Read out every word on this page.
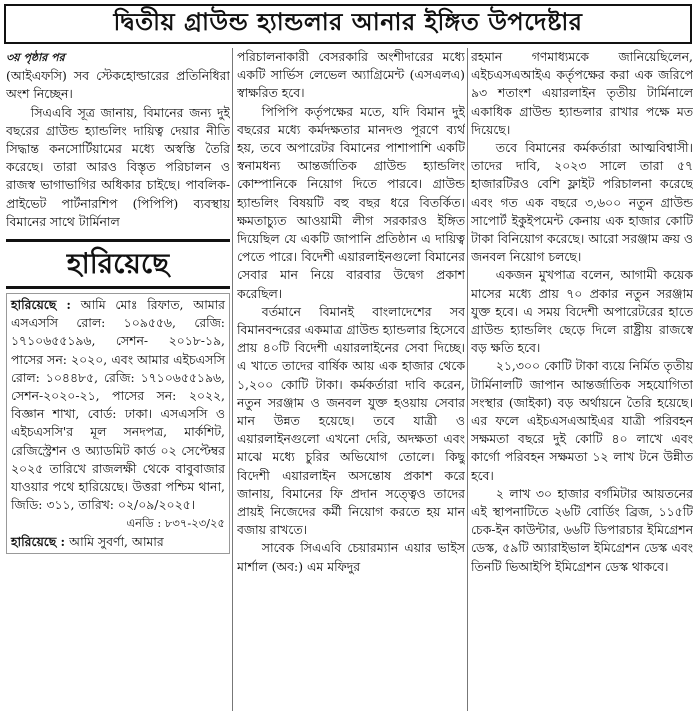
দ্বিতীয় গ্রাউন্ড হ্যান্ডলার আনার ইঙ্গিত উপদেষ্টার

৩য় পৃষ্ঠার পর

(আইএফসি) সব স্টেকহোল্ডারের প্রতিনিধিরা অংশ নিচ্ছেন।

সিএএবি সূত্র জানায়, বিমানের জন্য দুই বছরের গ্রাউন্ড হ্যান্ডলিং দায়িত্ব দেয়ার নীতি সিদ্ধান্ত কনসোর্টিয়ামের মধ্যে অস্বস্তি তৈরি করেছে। তারা আরও বিস্তৃত পরিচালন ও রাজস্ব ভাগাভাগির অধিকার চাইছে। পাবলিক-প্রাইভেট পার্টনারশিপ (পিপিপি) ব্যবস্থায় বিমানের সাথে টার্মিনাল

হারিয়েছে

হারিয়েছে : আমি মোঃ রিফাত, আমার এসএসসি রোল: ১০৯৫৫৬, রেজি: ১৭১০৬৫৫১৯৬, সেশন- ২০১৮-১৯, পাসের সন: ২০২০, এবং আমার এইচএসসি রোল: ১০৪৪৮৫, রেজি: ১৭১০৬৫৫১৯৬, সেশন-২০২০-২১, পাসের সন: ২০২২, বিজ্ঞান শাখা, বোর্ড: ঢাকা। এসএসসি ও এইচএসসি'র মূল সনদপত্র, মার্কশিট, রেজিস্ট্রেশন ও অ্যাডমিট কার্ড ০২ সেপ্টেম্বর ২০২৫ তারিখে রাজলক্ষী থেকে বাবুবাজার যাওয়ার পথে হারিয়েছে। উত্তরা পশ্চিম থানা, জিডি: ৩১১, তারিখ: ০২/০৯/২০২৫।

এনডি : ৮৩৭-২৩/২৫

হারিয়েছে : আমি সুবর্ণা, আমার

পরিচালনাকারী বেসরকারি অংশীদারের মধ্যে একটি সার্ভিস লেভেল অ্যাগ্রিমেন্ট (এসএলএ) স্বাক্ষরিত হবে।

পিপিপি কর্তৃপক্ষের মতে, যদি বিমান দুই বছরের মধ্যে কর্মদক্ষতার মানদণ্ড পূরণে ব্যর্থ হয়, তবে অপারেটর বিমানের পাশাপাশি একটি স্বনামধন্য আন্তর্জাতিক গ্রাউন্ড হ্যান্ডলিং কোম্পানিকে নিয়োগ দিতে পারবে। গ্রাউন্ড হ্যান্ডলিং বিষয়টি বহু বছর ধরে বিতর্কিত। ক্ষমতাচ্যুত আওয়ামী লীগ সরকারও ইঙ্গিত দিয়েছিল যে একটি জাপানি প্রতিষ্ঠান এ দায়িত্ব পেতে পারে। বিদেশী এয়ারলাইনগুলো বিমানের সেবার মান নিয়ে বারবার উদ্বেগ প্রকাশ করেছিল।

বর্তমানে বিমানই বাংলাদেশের সব বিমানবন্দরের একমাত্র গ্রাউন্ড হ্যান্ডলার হিসেবে প্রায় ৪০টি বিদেশী এয়ারলাইনের সেবা দিচ্ছে। এ খাতে তাদের বার্ষিক আয় এক হাজার থেকে ১,২০০ কোটি টাকা। কর্মকর্তারা দাবি করেন, নতুন সরঞ্জাম ও জনবল যুক্ত হওয়ায় সেবার মান উন্নত হয়েছে। তবে যাত্রী ও এয়ারলাইনগুলো এখনো দেরি, অদক্ষতা এবং মাঝে মধ্যে চুরির অভিযোগ তোলে। কিছু বিদেশী এয়ারলাইন অসন্তোষ প্রকাশ করে জানায়, বিমানের ফি প্রদান সত্ত্বেও তাদের প্রায়ই নিজেদের কর্মী নিয়োগ করতে হয় মান বজায় রাখতে।

সাবেক সিএএবি চেয়ারম্যান এয়ার ভাইস মার্শাল (অব:) এম মফিদুর

রহমান গণমাধ্যমকে জানিয়েছিলেন, এইচএসএআইএ কর্তৃপক্ষের করা এক জরিপে ৯৩ শতাংশ এয়ারলাইন তৃতীয় টার্মিনালে একাধিক গ্রাউন্ড হ্যান্ডলার রাখার পক্ষে মত দিয়েছে।

তবে বিমানের কর্মকর্তারা আত্মবিশ্বাসী। তাদের দাবি, ২০২৩ সালে তারা ৫৭ হাজারটিরও বেশি ফ্লাইট পরিচালনা করেছে এবং গত এক বছরে ৩,৬০০ নতুন গ্রাউন্ড সাপোর্ট ইকুইপমেন্ট কেনায় এক হাজার কোটি টাকা বিনিয়োগ করেছে। আরো সরঞ্জাম ক্রয় ও জনবল নিয়োগ চলছে।

একজন মুখপাত্র বলেন, আগামী কয়েক মাসের মধ্যে প্রায় ৭০ প্রকার নতুন সরঞ্জাম যুক্ত হবে। এ সময় বিদেশী অপারেটরের হাতে গ্রাউন্ড হ্যান্ডলিং ছেড়ে দিলে রাষ্ট্রীয় রাজস্বে বড় ক্ষতি হবে।

২১,৩০০ কোটি টাকা ব্যয়ে নির্মিত তৃতীয় টার্মিনালটি জাপান আন্তর্জাতিক সহযোগিতা সংস্থার (জাইকা) বড় অর্থায়নে তৈরি হয়েছে। এর ফলে এইচএসএআইএর যাত্রী পরিবহন সক্ষমতা বছরে দুই কোটি ৪০ লাখে এবং কার্গো পরিবহন সক্ষমতা ১২ লাখ টনে উন্নীত হবে।

২ লাখ ৩০ হাজার বর্গমিটার আয়তনের এই স্থাপনাটিতে ২৬টি বোর্ডিং ব্রিজ, ১১৫টি চেক-ইন কাউন্টার, ৬৬টি ডিপারচার ইমিগ্রেশন ডেস্ক, ৫৯টি অ্যারাইভাল ইমিগ্রেশন ডেস্ক এবং তিনটি ভিআইপি ইমিগ্রেশন ডেস্ক থাকবে।
